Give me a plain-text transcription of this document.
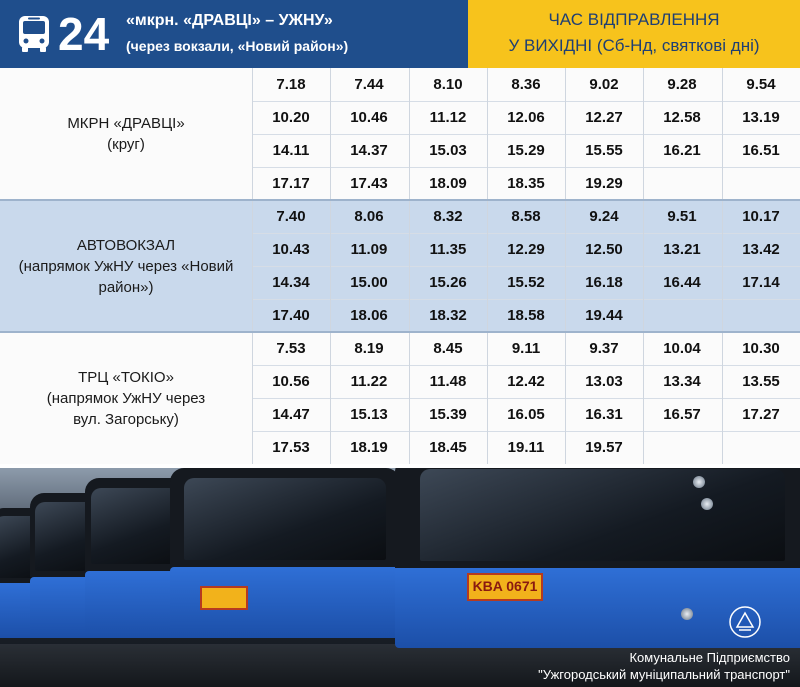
24 «мкрн. «ДРАВЦІ» – УЖНУ»
(через вокзали, «Новий район»)
ЧАС ВІДПРАВЛЕННЯ
У ВИХІДНІ (Сб-Нд, святкові дні)
МКРН «ДРАВЦІ»
(круг)
7.18	7.44	8.10	8.36	9.02	9.28	9.54
10.20	10.46	11.12	12.06	12.27	12.58	13.19
14.11	14.37	15.03	15.29	15.55	16.21	16.51
17.17	17.43	18.09	18.35	19.29
АВТОВОКЗАЛ
(напрямок УжНУ через «Новий
район»)
7.40	8.06	8.32	8.58	9.24	9.51	10.17
10.43	11.09	11.35	12.29	12.50	13.21	13.42
14.34	15.00	15.26	15.52	16.18	16.44	17.14
17.40	18.06	18.32	18.58	19.44
ТРЦ «ТОКІО»
(напрямок УжНУ через
вул. Загорську)
7.53	8.19	8.45	9.11	9.37	10.04	10.30
10.56	11.22	11.48	12.42	13.03	13.34	13.55
14.47	15.13	15.39	16.05	16.31	16.57	17.27
17.53	18.19	18.45	19.11	19.57
KBA 0671
Комунальне Підприємство
"Ужгородський муніципальний транспорт"
